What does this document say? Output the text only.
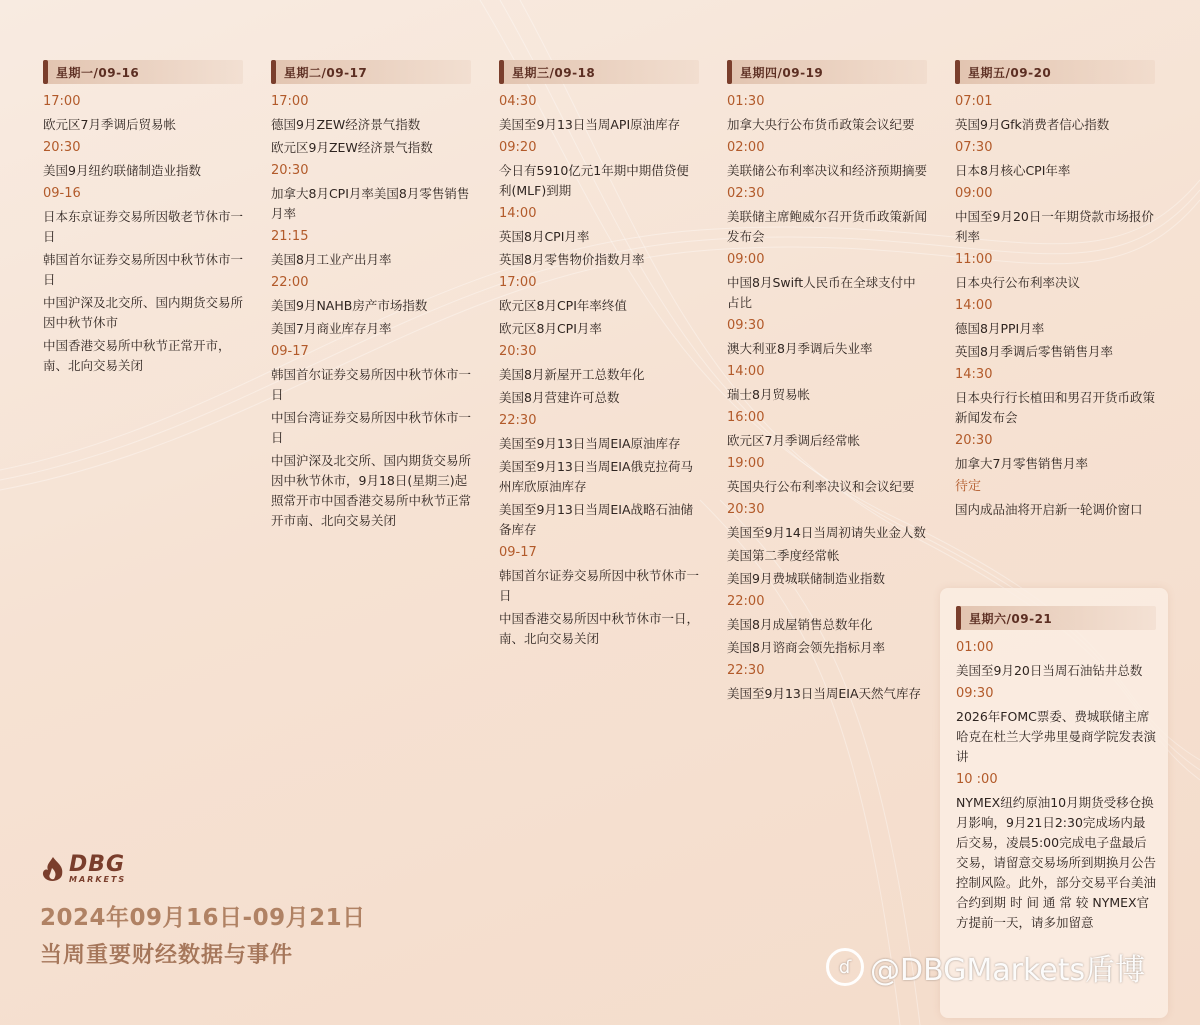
星期一/09-16
17:00
欧元区7月季调后贸易帐
20:30
美国9月纽约联储制造业指数
09-16
日本东京证券交易所因敬老节休市一日
韩国首尔证券交易所因中秋节休市一日
中国沪深及北交所、国内期货交易所因中秋节休市
中国香港交易所中秋节正常开市，南、北向交易关闭
星期二/09-17
17:00
德国9月ZEW经济景气指数
欧元区9月ZEW经济景气指数
20:30
加拿大8月CPI月率美国8月零售销售月率
21:15
美国8月工业产出月率
22:00
美国9月NAHB房产市场指数
美国7月商业库存月率
09-17
韩国首尔证券交易所因中秋节休市一日
中国台湾证券交易所因中秋节休市一日
中国沪深及北交所、国内期货交易所因中秋节休市，9月18日(星期三)起照常开市中国香港交易所中秋节正常开市南、北向交易关闭
星期三/09-18
04:30
美国至9月13日当周API原油库存
09:20
今日有5910亿元1年期中期借贷便利(MLF)到期
14:00
英国8月CPI月率
英国8月零售物价指数月率
17:00
欧元区8月CPI年率终值
欧元区8月CPI月率
20:30
美国8月新屋开工总数年化
美国8月营建许可总数
22:30
美国至9月13日当周EIA原油库存
美国至9月13日当周EIA俄克拉荷马州库欣原油库存
美国至9月13日当周EIA战略石油储备库存
09-17
韩国首尔证券交易所因中秋节休市一日
中国香港交易所因中秋节休市一日，南、北向交易关闭
星期四/09-19
01:30
加拿大央行公布货币政策会议纪要
02:00
美联储公布利率决议和经济预期摘要
02:30
美联储主席鲍威尔召开货币政策新闻发布会
09:00
中国8月Swift人民币在全球支付中占比
09:30
澳大利亚8月季调后失业率
14:00
瑞士8月贸易帐
16:00
欧元区7月季调后经常帐
19:00
英国央行公布利率决议和会议纪要
20:30
美国至9月14日当周初请失业金人数
美国第二季度经常帐
美国9月费城联储制造业指数
22:00
美国8月成屋销售总数年化
美国8月谘商会领先指标月率
22:30
美国至9月13日当周EIA天然气库存
星期五/09-20
07:01
英国9月Gfk消费者信心指数
07:30
日本8月核心CPI年率
09:00
中国至9月20日一年期贷款市场报价利率
11:00
日本央行公布利率决议
14:00
德国8月PPI月率
英国8月季调后零售销售月率
14:30
日本央行行长植田和男召开货币政策新闻发布会
20:30
加拿大7月零售销售月率
待定
国内成品油将开启新一轮调价窗口
星期六/09-21
01:00
美国至9月20日当周石油钻井总数
09:30
2026年FOMC票委、费城联储主席哈克在杜兰大学弗里曼商学院发表演讲
10 :00
NYMEX纽约原油10月期货受移仓换月影响，9月21日2:30完成场内最后交易，凌晨5:00完成电子盘最后交易，请留意交易场所到期换月公告控制风险。此外，部分交易平台美油合约到期 时 间 通 常 较 NYMEX官方提前一天，请多加留意
DBG
MARKETS
2024年09月16日-09月21日
当周重要财经数据与事件	ɗ @DBGMarkets盾博
